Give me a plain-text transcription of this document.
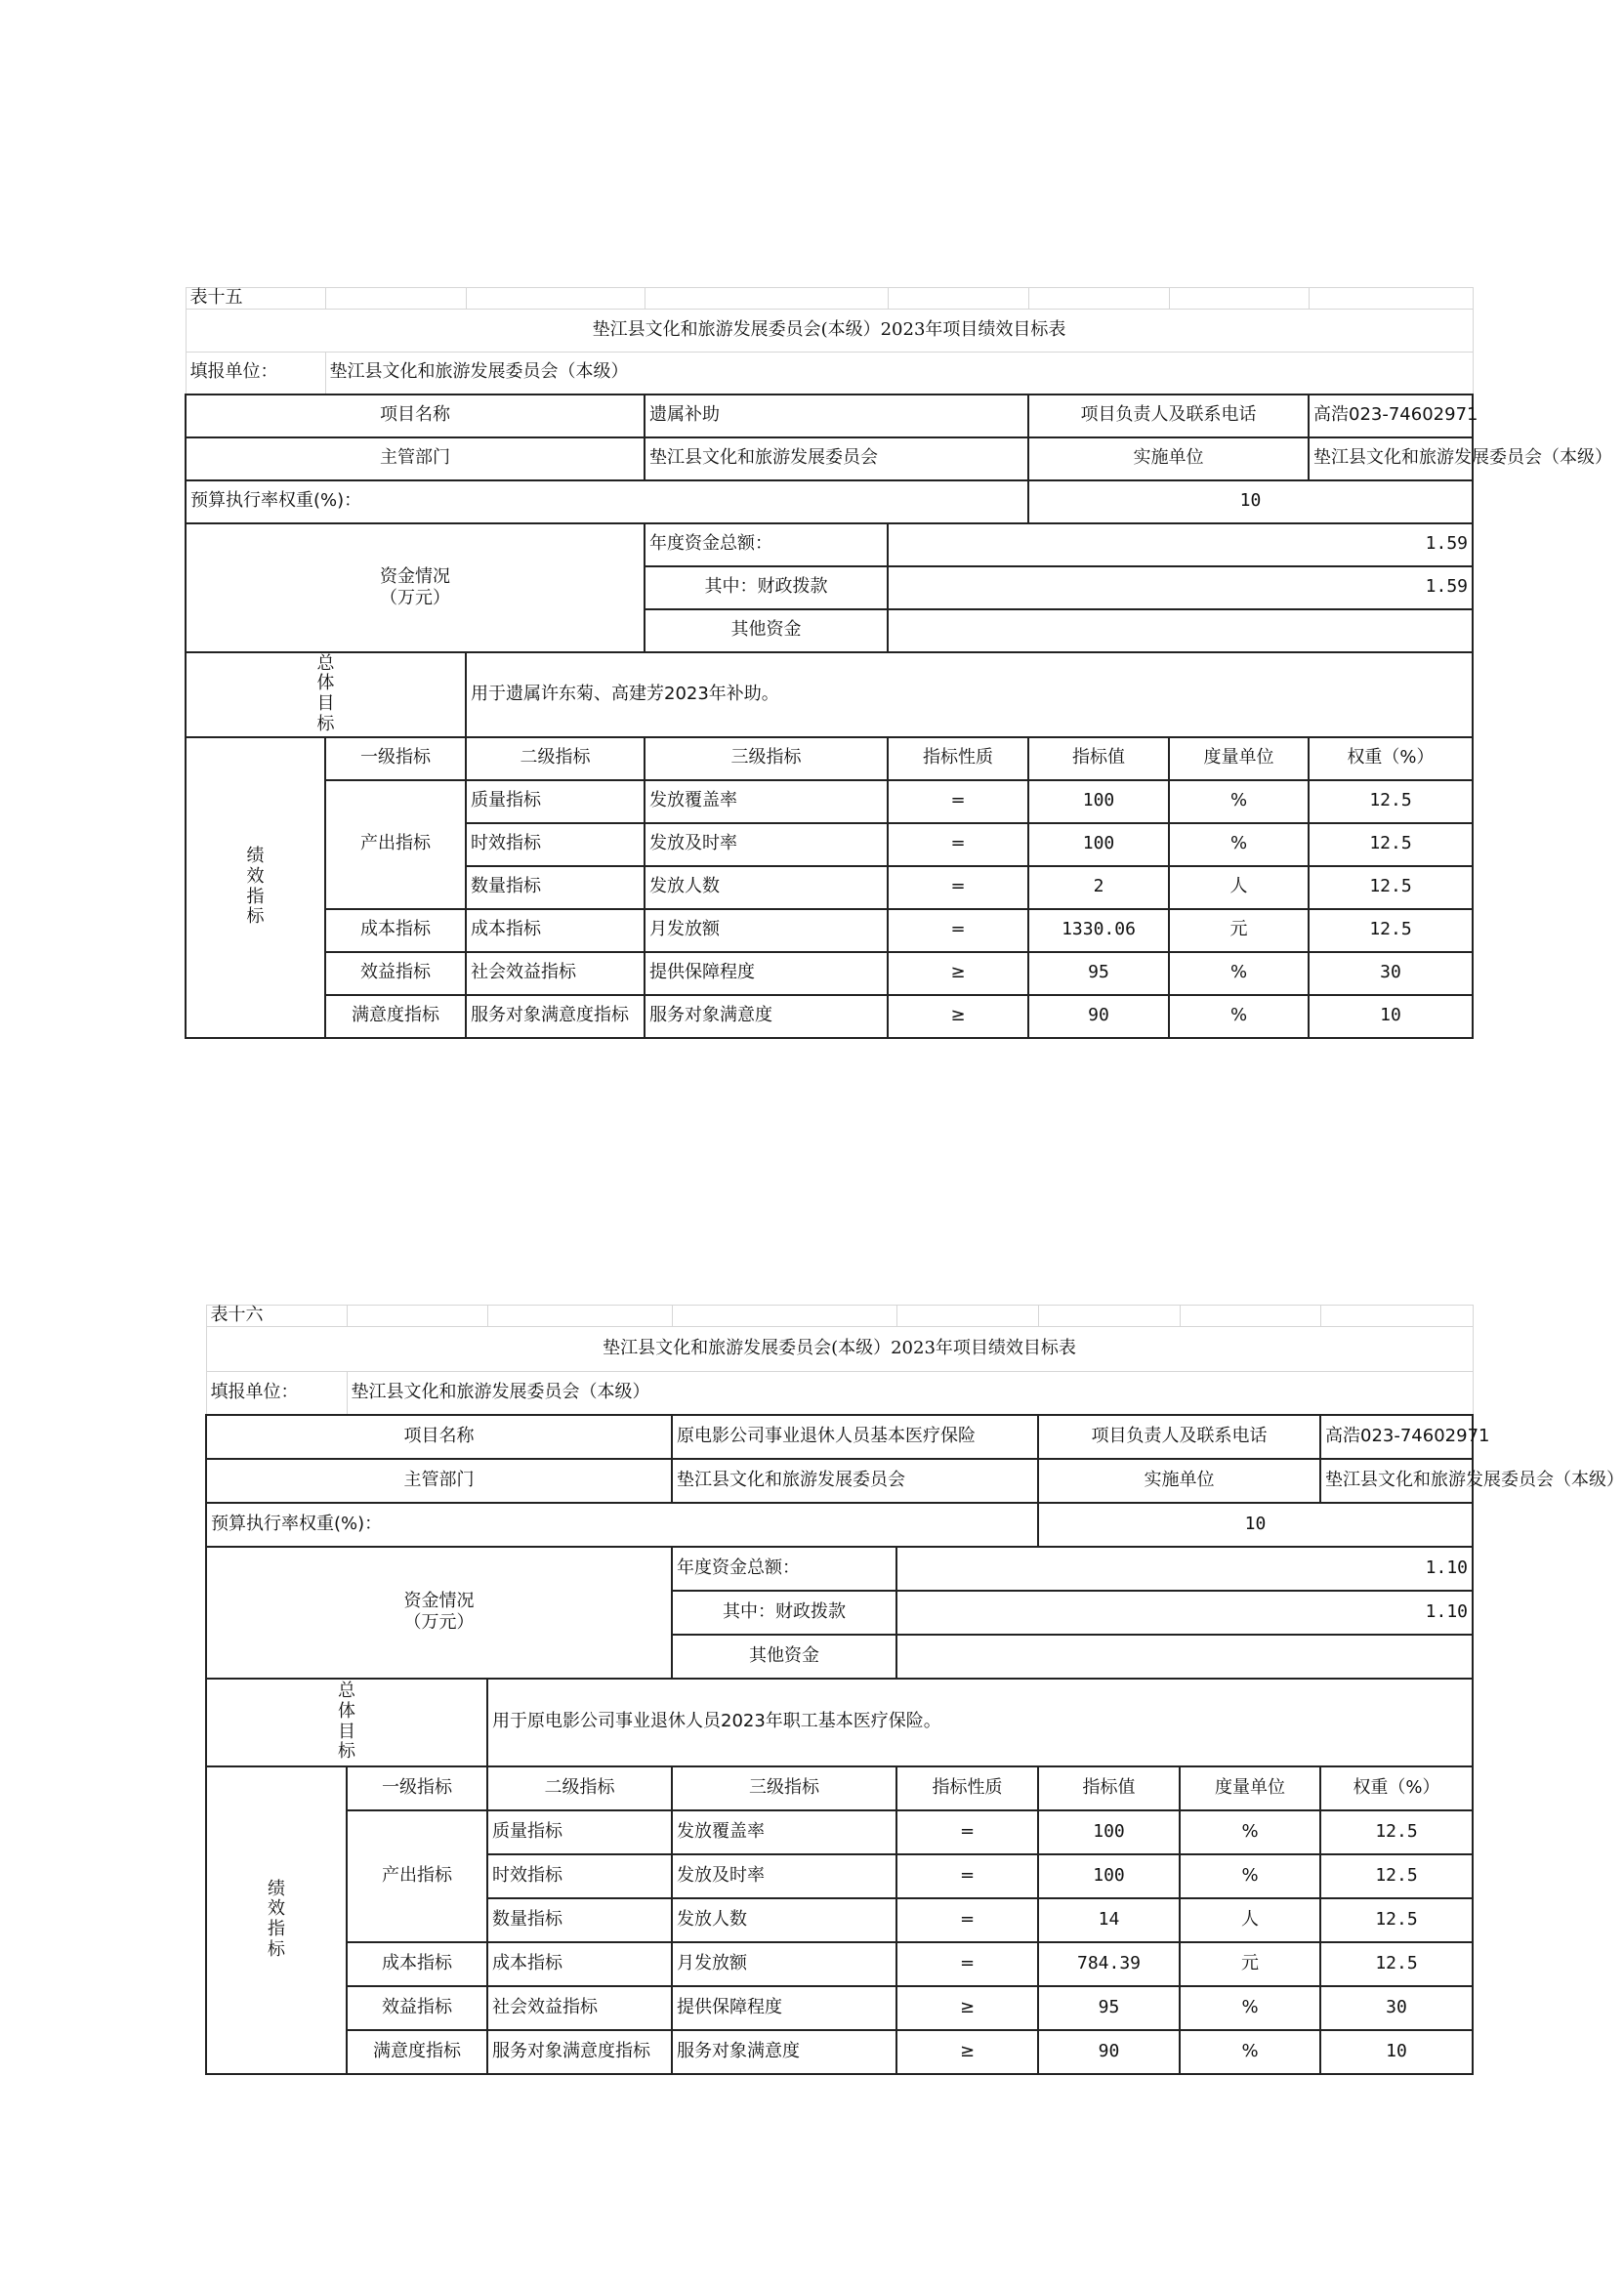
表十五							
垫江县文化和旅游发展委员会(本级）2023年项目绩效目标表							
填报单位：	垫江县文化和旅游发展委员会（本级）						
项目名称			遗属补助		项目负责人及联系电话		高浩023-74602971
主管部门			垫江县文化和旅游发展委员会		实施单位		垫江县文化和旅游发展委员会（本级）
预算执行率权重(%)：					10		
资金情况
（万元）			年度资金总额：	1.59			
			其中：财政拨款	1.59			
			其他资金				

总
体
目
标		用于遗属许东菊、高建芳2023年补助。					

绩
效
指
标	一级指标	二级指标	三级指标	指标性质	指标值	度量单位	权重（%）
	产出指标	质量指标	发放覆盖率	=	100	%	12.5
		时效指标	发放及时率	=	100	%	12.5
		数量指标	发放人数	=	2	人	12.5
	成本指标	成本指标	月发放额	=	1330.06	元	12.5
	效益指标	社会效益指标	提供保障程度	≥	95	%	30
	满意度指标	服务对象满意度指标	服务对象满意度	≥	90	%	10
表十六							
垫江县文化和旅游发展委员会(本级）2023年项目绩效目标表							
填报单位：	垫江县文化和旅游发展委员会（本级）						
项目名称			原电影公司事业退休人员基本医疗保险		项目负责人及联系电话		高浩023-74602971
主管部门			垫江县文化和旅游发展委员会		实施单位		垫江县文化和旅游发展委员会（本级）
预算执行率权重(%)：					10		
资金情况
（万元）			年度资金总额：	1.10			
			其中：财政拨款	1.10			
			其他资金				

总
体
目
标		用于原电影公司事业退休人员2023年职工基本医疗保险。					

绩
效
指
标	一级指标	二级指标	三级指标	指标性质	指标值	度量单位	权重（%）
	产出指标	质量指标	发放覆盖率	=	100	%	12.5
		时效指标	发放及时率	=	100	%	12.5
		数量指标	发放人数	=	14	人	12.5
	成本指标	成本指标	月发放额	=	784.39	元	12.5
	效益指标	社会效益指标	提供保障程度	≥	95	%	30
	满意度指标	服务对象满意度指标	服务对象满意度	≥	90	%	10
